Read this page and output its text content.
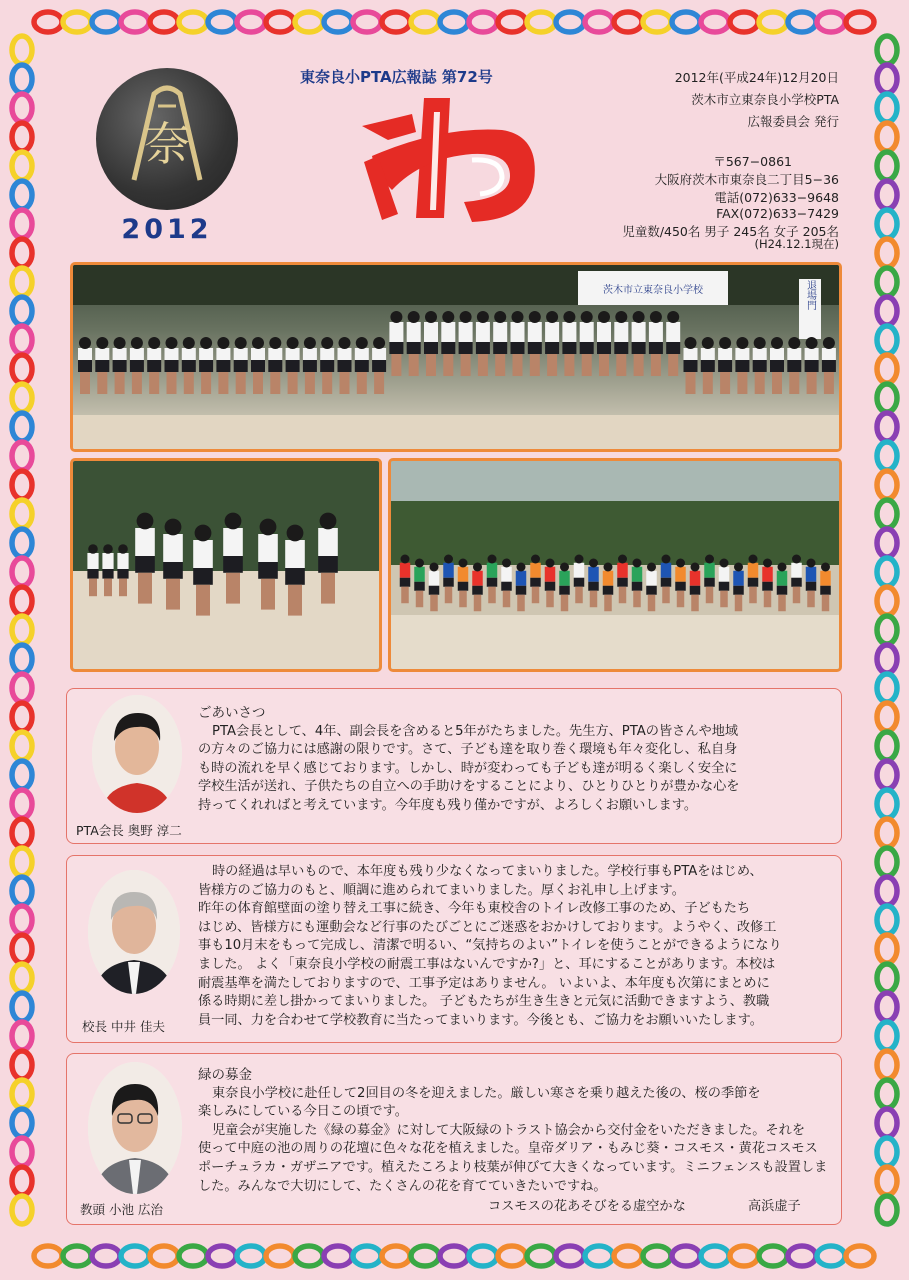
奈
2012
東奈良小PTA広報誌 第72号	2012年(平成24年)12月20日
茨木市立東奈良小学校PTA
広報委員会 発行
〒567−0861
大阪府茨木市東奈良二丁目5−36
電話(072)633−9648
FAX(072)633−7429
児童数/450名 男子 245名 女子 205名
(H24.12.1現在)
茨木市立東奈良小学校	退場門
PTA会長 奥野 淳二

ごあいさつ

PTA会長として、4年、副会長を含めると5年がたちました。先生方、PTAの皆さんや地域

の方々のご協力には感謝の限りです。さて、子ども達を取り巻く環境も年々変化し、私自身

も時の流れを早く感じております。しかし、時が変わっても子ども達が明るく楽しく安全に

学校生活が送れ、子供たちの自立への手助けをすることにより、ひとりひとりが豊かな心を

持ってくれればと考えています。今年度も残り僅かですが、よろしくお願いします。

校長 中井 佳夫

時の経過は早いもので、本年度も残り少なくなってまいりました。学校行事もPTAをはじめ、

皆様方のご協力のもと、順調に進められてまいりました。厚くお礼申し上げます。

昨年の体育館壁面の塗り替え工事に続き、今年も東校舎のトイレ改修工事のため、子どもたち

はじめ、皆様方にも運動会など行事のたびごとにご迷惑をおかけしております。ようやく、改修工

事も10月末をもって完成し、清潔で明るい、“気持ちのよい”トイレを使うことができるようになり

ました。 よく「東奈良小学校の耐震工事はないんですか?」と、耳にすることがあります。本校は

耐震基準を満たしておりますので、工事予定はありません。 いよいよ、本年度も次第にまとめに

係る時期に差し掛かってまいりました。 子どもたちが生き生きと元気に活動できますよう、教職

員一同、力を合わせて学校教育に当たってまいります。今後とも、ご協力をお願いいたします。

教頭 小池 広治

緑の募金

東奈良小学校に赴任して2回目の冬を迎えました。厳しい寒さを乗り越えた後の、桜の季節を

楽しみにしている今日この頃です。

児童会が実施した《緑の募金》に対して大阪緑のトラスト協会から交付金をいただきました。それを

使って中庭の池の周りの花壇に色々な花を植えました。皇帝ダリア・もみじ葵・コスモス・黄花コスモス

ポーチュラカ・ガザニアです。植えたころより枝葉が伸びて大きくなっています。ミニフェンスも設置しま

した。みんなで大切にして、たくさんの花を育てていきたいですね。

コスモスの花あそびをる虚空かな	高浜虚子
